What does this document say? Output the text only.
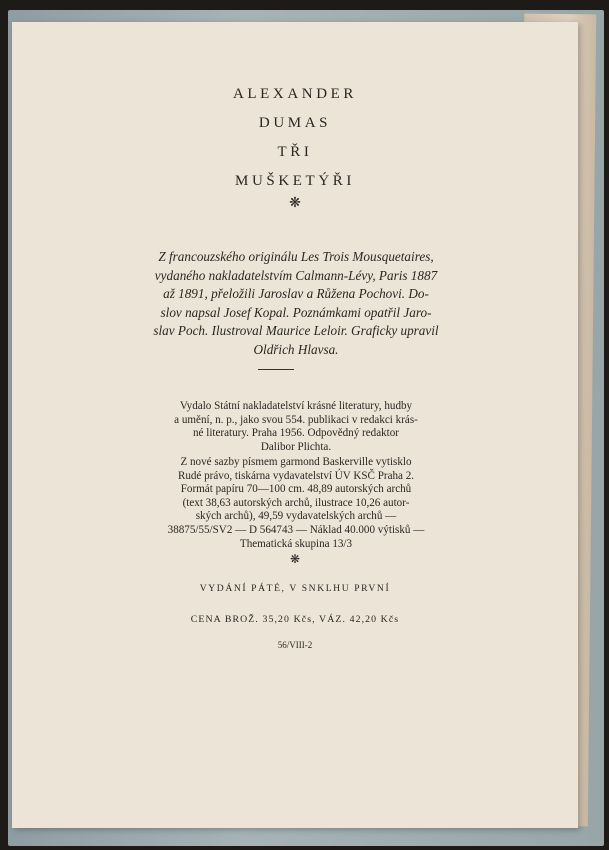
ALEXANDER
DUMAS
TŘI
MUŠKETÝŘI
❋
Z francouzského originálu Les Trois Mousquetaires,
vydaného nakladatelstvím Calmann-Lévy, Paris 1887
až 1891, přeložili Jaroslav a Růžena Pochovi. Do-
slov napsal Josef Kopal. Poznámkami opatřil Jaro-
slav Poch. Ilustroval Maurice Leloir. Graficky upravil
Oldřich Hlavsa.
Vydalo Státní nakladatelství krásné literatury, hudby
a umění, n. p., jako svou 554. publikaci v redakci krás-
né literatury. Praha 1956. Odpovědný redaktor
Dalibor Plichta.
Z nové sazby písmem garmond Baskerville vytisklo
Rudé právo, tiskárna vydavatelství ÚV KSČ Praha 2.
Formát papíru 70—100 cm. 48,89 autorských archů
(text 38,63 autorských archů, ilustrace 10,26 autor-
ských archů), 49,59 vydavatelských archů —
38875/55/SV2 — D 564743 — Náklad 40.000 výtisků —
Thematická skupina 13/3
❋
VYDÁNÍ PÁTÉ, V SNKLHU PRVNÍ
CENA BROŽ. 35,20 Kčs, VÁZ. 42,20 Kčs
56/VIII-2
